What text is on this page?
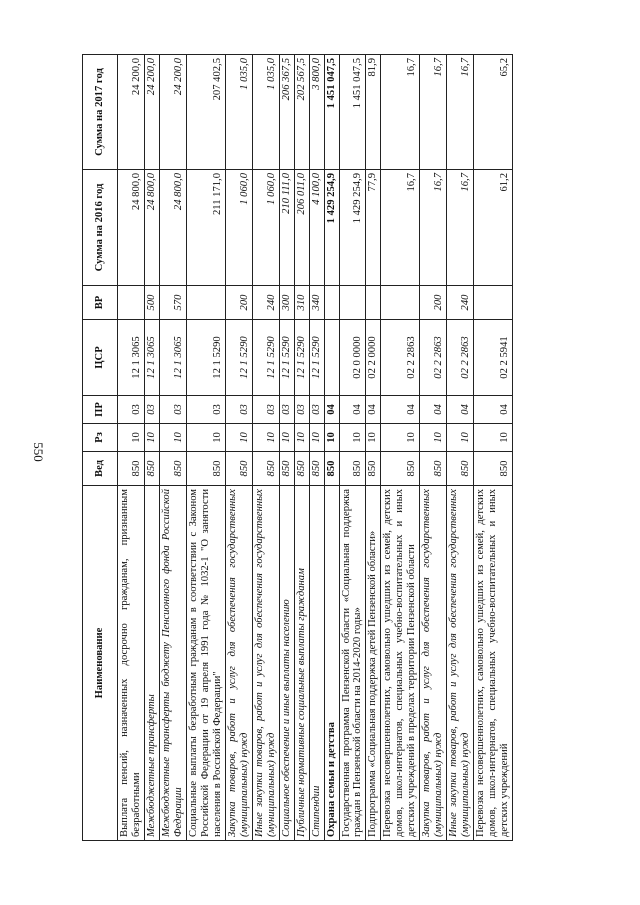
550
Наименование	Вед	Рз	ПР	ЦСР	ВР	Сумма на 2016 год	Сумма на 2017 год
Выплата пенсий, назначенных досрочно гражданам, признанным безработными	850	10	03	12 1 3065		24 800,0	24 200,0
Межбюджетные трансферты	850	10	03	12 1 3065	500	24 800,0	24 200,0
Межбюджетные трансферты бюджету Пенсионного фонда Российской Федерации	850	10	03	12 1 3065	570	24 800,0	24 200,0
Социальные выплаты безработным гражданам в соответствии с Законом Российской Федерации от 19 апреля 1991 года № 1032-1 "О занятости населения в Российской Федерации"	850	10	03	12 1 5290		211 171,0	207 402,5
Закупка товаров, работ и услуг для обеспечения государственных (муниципальных) нужд	850	10	03	12 1 5290	200	1 060,0	1 035,0
Иные закупки товаров, работ и услуг для обеспечения государственных (муниципальных) нужд	850	10	03	12 1 5290	240	1 060,0	1 035,0
Социальное обеспечение и иные выплаты населению	850	10	03	12 1 5290	300	210 111,0	206 367,5
Публичные нормативные социальные выплаты гражданам	850	10	03	12 1 5290	310	206 011,0	202 567,5
Стипендии	850	10	03	12 1 5290	340	4 100,0	3 800,0
Охрана семьи и детства	850	10	04			1 429 254,9	1 451 047,5
Государственная программа Пензенской области «Социальная поддержка граждан в Пензенской области на 2014-2020 годы»	850	10	04	02 0 0000		1 429 254,9	1 451 047,5
Подпрограмма «Социальная поддержка детей Пензенской области»	850	10	04	02 2 0000		77,9	81,9
Перевозка несовершеннолетних, самовольно ушедших из семей, детских домов, школ-интернатов, специальных учебно-воспитательных и иных детских учреждений в пределах территории Пензенской области	850	10	04	02 2 2863		16,7	16,7
Закупка товаров, работ и услуг для обеспечения государственных (муниципальных) нужд	850	10	04	02 2 2863	200	16,7	16,7
Иные закупки товаров, работ и услуг для обеспечения государственных (муниципальных) нужд	850	10	04	02 2 2863	240	16,7	16,7
Перевозка несовершеннолетних, самовольно ушедших из семей, детских домов, школ-интернатов, специальных учебно-воспитательных и иных детских учреждений	850	10	04	02 2 5941		61,2	65,2
